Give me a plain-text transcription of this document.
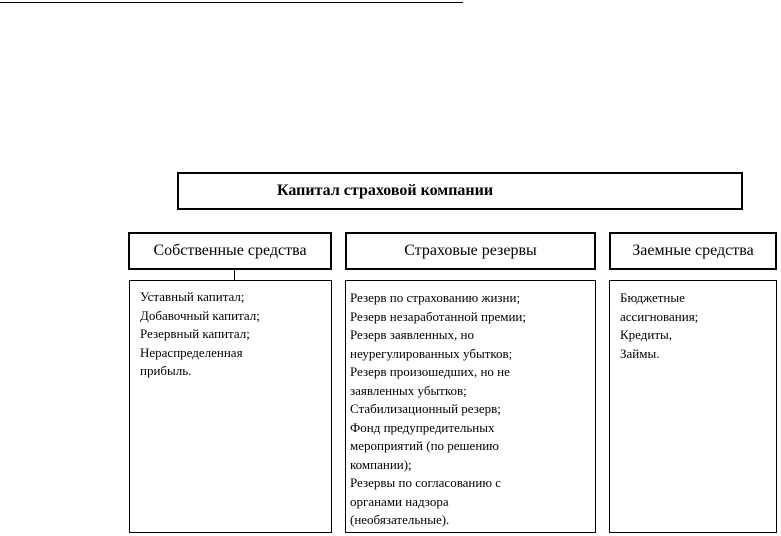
Капитал страховой компании
Собственные средства	Страховые резервы	Заемные средства
Уставный капитал;
Добавочный капитал;
Резервный капитал;
Нераспределенная
прибыль.
Резерв по страхованию жизни;
Резерв незаработанной премии;
Резерв заявленных, но
неурегулированных убытков;
Резерв произошедших, но не
заявленных убытков;
Стабилизационный резерв;
Фонд предупредительных
мероприятий (по решению
компании);
Резервы по согласованию с
органами надзора
(необязательные).
Бюджетные
ассигнования;
Кредиты,
Займы.
